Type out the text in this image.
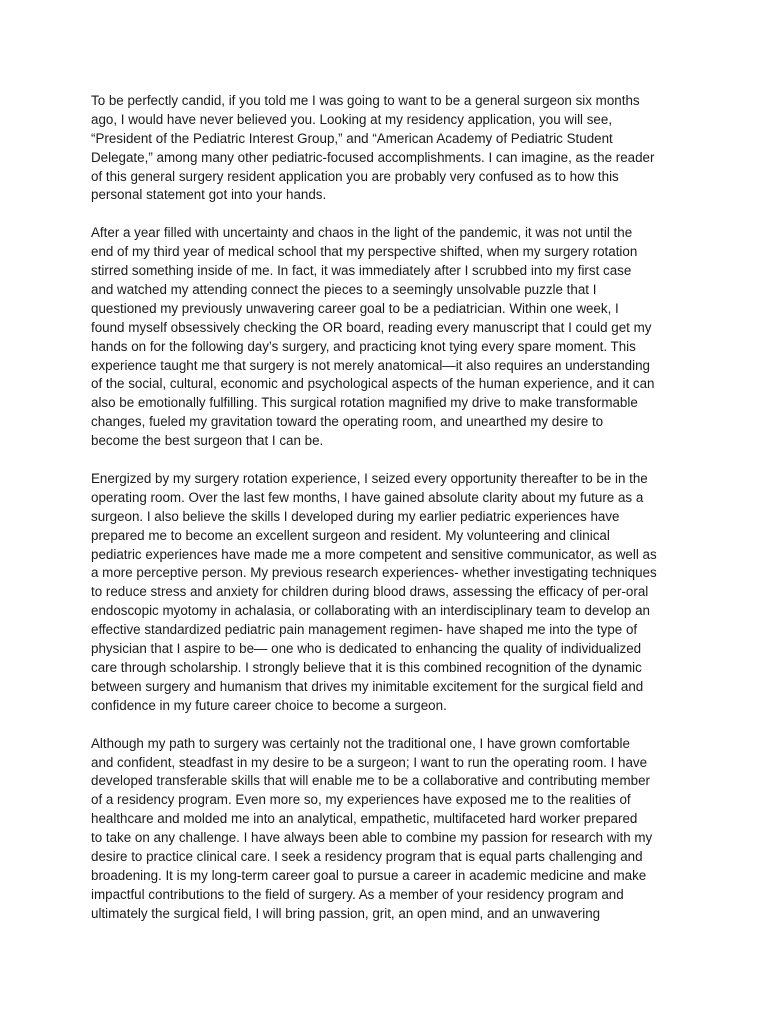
To be perfectly candid, if you told me I was going to want to be a general surgeon six months
ago, I would have never believed you. Looking at my residency application, you will see,
“President of the Pediatric Interest Group,” and “American Academy of Pediatric Student
Delegate,” among many other pediatric-focused accomplishments. I can imagine, as the reader
of this general surgery resident application you are probably very confused as to how this
personal statement got into your hands.
After a year filled with uncertainty and chaos in the light of the pandemic, it was not until the
end of my third year of medical school that my perspective shifted, when my surgery rotation
stirred something inside of me. In fact, it was immediately after I scrubbed into my first case
and watched my attending connect the pieces to a seemingly unsolvable puzzle that I
questioned my previously unwavering career goal to be a pediatrician. Within one week, I
found myself obsessively checking the OR board, reading every manuscript that I could get my
hands on for the following day’s surgery, and practicing knot tying every spare moment. This
experience taught me that surgery is not merely anatomical—it also requires an understanding
of the social, cultural, economic and psychological aspects of the human experience, and it can
also be emotionally fulfilling. This surgical rotation magnified my drive to make transformable
changes, fueled my gravitation toward the operating room, and unearthed my desire to
become the best surgeon that I can be.
Energized by my surgery rotation experience, I seized every opportunity thereafter to be in the
operating room. Over the last few months, I have gained absolute clarity about my future as a
surgeon. I also believe the skills I developed during my earlier pediatric experiences have
prepared me to become an excellent surgeon and resident. My volunteering and clinical
pediatric experiences have made me a more competent and sensitive communicator, as well as
a more perceptive person. My previous research experiences- whether investigating techniques
to reduce stress and anxiety for children during blood draws, assessing the efficacy of per-oral
endoscopic myotomy in achalasia, or collaborating with an interdisciplinary team to develop an
effective standardized pediatric pain management regimen- have shaped me into the type of
physician that I aspire to be— one who is dedicated to enhancing the quality of individualized
care through scholarship. I strongly believe that it is this combined recognition of the dynamic
between surgery and humanism that drives my inimitable excitement for the surgical field and
confidence in my future career choice to become a surgeon.
Although my path to surgery was certainly not the traditional one, I have grown comfortable
and confident, steadfast in my desire to be a surgeon; I want to run the operating room. I have
developed transferable skills that will enable me to be a collaborative and contributing member
of a residency program. Even more so, my experiences have exposed me to the realities of
healthcare and molded me into an analytical, empathetic, multifaceted hard worker prepared
to take on any challenge. I have always been able to combine my passion for research with my
desire to practice clinical care. I seek a residency program that is equal parts challenging and
broadening. It is my long-term career goal to pursue a career in academic medicine and make
impactful contributions to the field of surgery. As a member of your residency program and
ultimately the surgical field, I will bring passion, grit, an open mind, and an unwavering
